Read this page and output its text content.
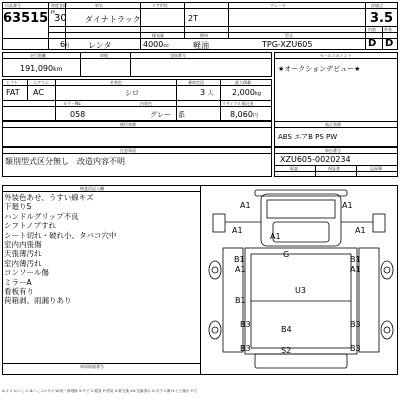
出品番号
63515
初度登録
H 30
車名
ダイナトラック
ドア形状
2T
グレード	評価点
3.5
6月 レンタ
排気量
4000cc
燃料
軽油
型式
TPG-XZU605
内装 外装
D D
走行距離
191,090km
車検	登録番号	セールスポイント
★オークションデビュー★
シフト	エアコン	外装色	乗車定員	最大積載
FAT AC	シロ	3 人 2,000kg
カラーNo.	内装色	リサイクル預託金
058	グレー　 系	8,060円
後付装備	純正装備
ABS エアB PS PW
注意事項
類別型式区分無し　改造内容不明
車台番号
XZU605-0020234
取説	保証書	記録簿
-	-	-
検査員記入欄

外装色あせ、うすい線キズ

下廻りS

ハンドルグリップ不良

シフトノブすれ

シート切れ・破れ小、タバコ穴中

室内内張傷

天張薄汚れ

室内薄汚れ

コンソール傷

ミラーA

看板有り

荷箱剥、雨漏りあり

A1	A1
A1
A1
G
A1
B1
A1
B1
A1
U3
B1
B3
B4
B3
B3
S2
B3
車両情報番号
A:キズ U:へこみ B:へこみ+キズ W:波・修理跡 S:サビ C:腐食 P:塗装 X:要交換 XX:交換済み G:ガラス傷 H:ヒビ割れ Y:穴
